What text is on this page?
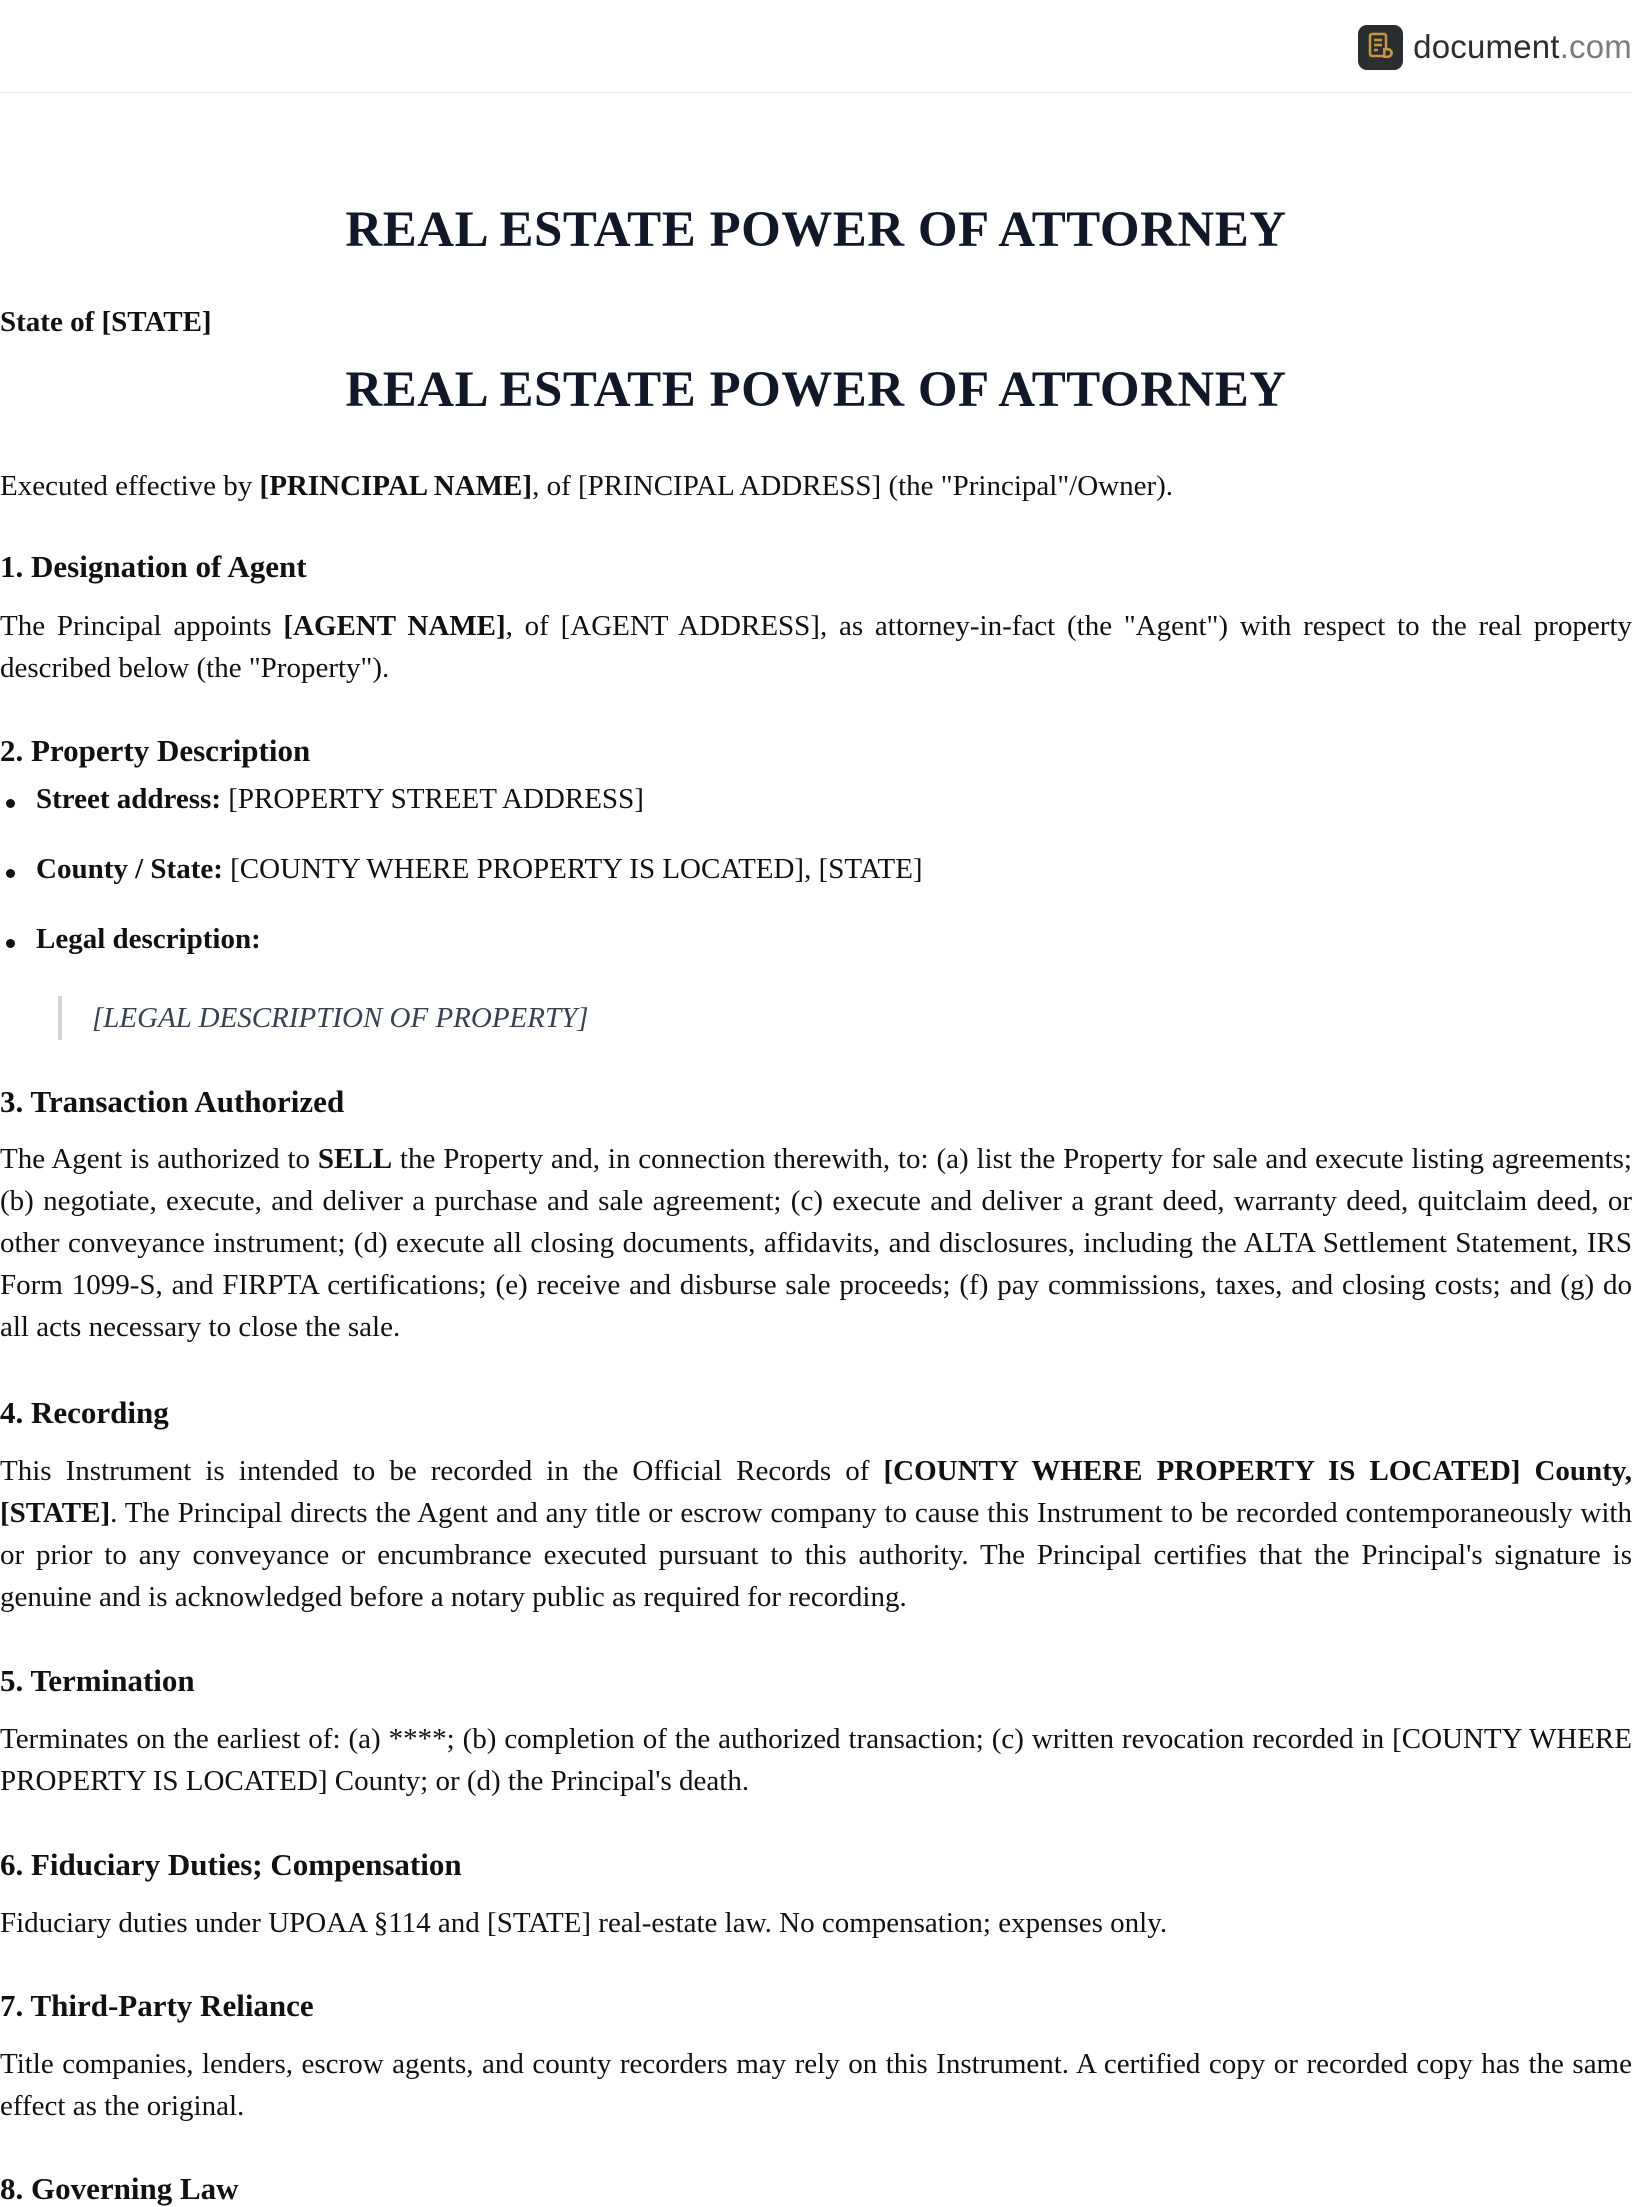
document.com
REAL ESTATE POWER OF ATTORNEY
State of [STATE]
REAL ESTATE POWER OF ATTORNEY

Executed effective by [PRINCIPAL NAME], of [PRINCIPAL ADDRESS] (the "Principal"/Owner).

1. Designation of Agent

The Principal appoints [AGENT NAME], of [AGENT ADDRESS], as attorney-in-fact (the "Agent") with respect to the real property described below (the "Property").

2. Property Description
Street address: [PROPERTY STREET ADDRESS]
County / State: [COUNTY WHERE PROPERTY IS LOCATED], [STATE]
Legal description:
[LEGAL DESCRIPTION OF PROPERTY]
3. Transaction Authorized

The Agent is authorized to SELL the Property and, in connection therewith, to: (a) list the Property for sale and execute listing agreements; (b) negotiate, execute, and deliver a purchase and sale agreement; (c) execute and deliver a grant deed, warranty deed, quitclaim deed, or other conveyance instrument; (d) execute all closing documents, affidavits, and disclosures, including the ALTA Settlement Statement, IRS Form 1099-S, and FIRPTA certifications; (e) receive and disburse sale proceeds; (f) pay commissions, taxes, and closing costs; and (g) do all acts necessary to close the sale.

4. Recording

This Instrument is intended to be recorded in the Official Records of [COUNTY WHERE PROPERTY IS LOCATED] County, [STATE]. The Principal directs the Agent and any title or escrow company to cause this Instrument to be recorded contemporaneously with or prior to any conveyance or encumbrance executed pursuant to this authority. The Principal certifies that the Principal's signature is genuine and is acknowledged before a notary public as required for recording.

5. Termination

Terminates on the earliest of: (a) ****; (b) completion of the authorized transaction; (c) written revocation recorded in [COUNTY WHERE PROPERTY IS LOCATED] County; or (d) the Principal's death.

6. Fiduciary Duties; Compensation

Fiduciary duties under UPOAA §114 and [STATE] real-estate law. No compensation; expenses only.

7. Third-Party Reliance

Title companies, lenders, escrow agents, and county recorders may rely on this Instrument. A certified copy or recorded copy has the same effect as the original.

8. Governing Law
